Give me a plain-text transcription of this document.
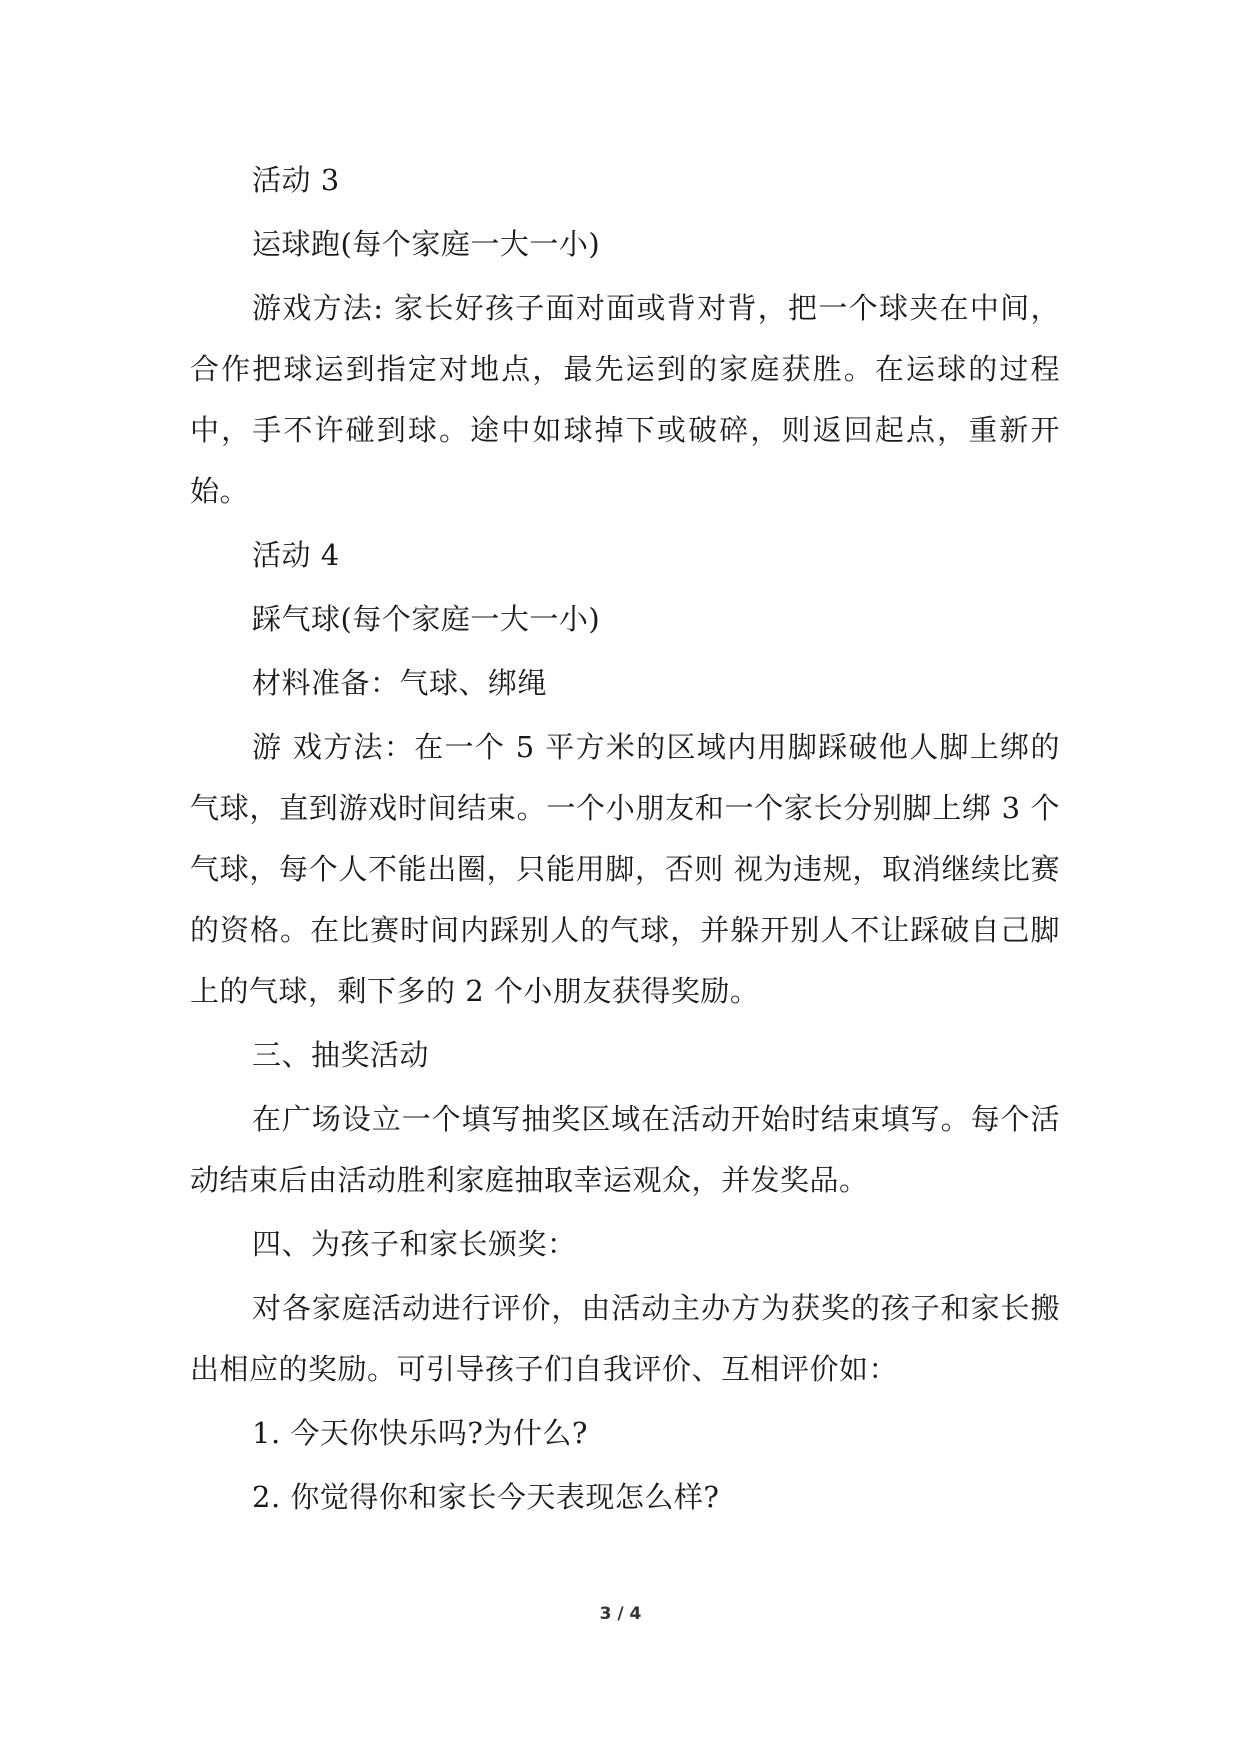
活动 3

运球跑(每个家庭一大一小)

游戏方法: 家长好孩子面对面或背对背，把一个球夹在中间，合作把球运到指定对地点，最先运到的家庭获胜。在运球的过程中，手不许碰到球。途中如球掉下或破碎，则返回起点，重新开始。

活动 4

踩气球(每个家庭一大一小)

材料准备：气球、绑绳

游 戏方法：在一个 5 平方米的区域内用脚踩破他人脚上绑的气球，直到游戏时间结束。一个小朋友和一个家长分别脚上绑 3 个气球，每个人不能出圈，只能用脚，否则 视为违规，取消继续比赛的资格。在比赛时间内踩别人的气球，并躲开别人不让踩破自己脚上的气球，剩下多的 2 个小朋友获得奖励。

三、抽奖活动

在广场设立一个填写抽奖区域在活动开始时结束填写。每个活动结束后由活动胜利家庭抽取幸运观众，并发奖品。

四、为孩子和家长颁奖：

对各家庭活动进行评价，由活动主办方为获奖的孩子和家长搬出相应的奖励。可引导孩子们自我评价、互相评价如：

1. 今天你快乐吗?为什么?

2. 你觉得你和家长今天表现怎么样?

3 / 4
